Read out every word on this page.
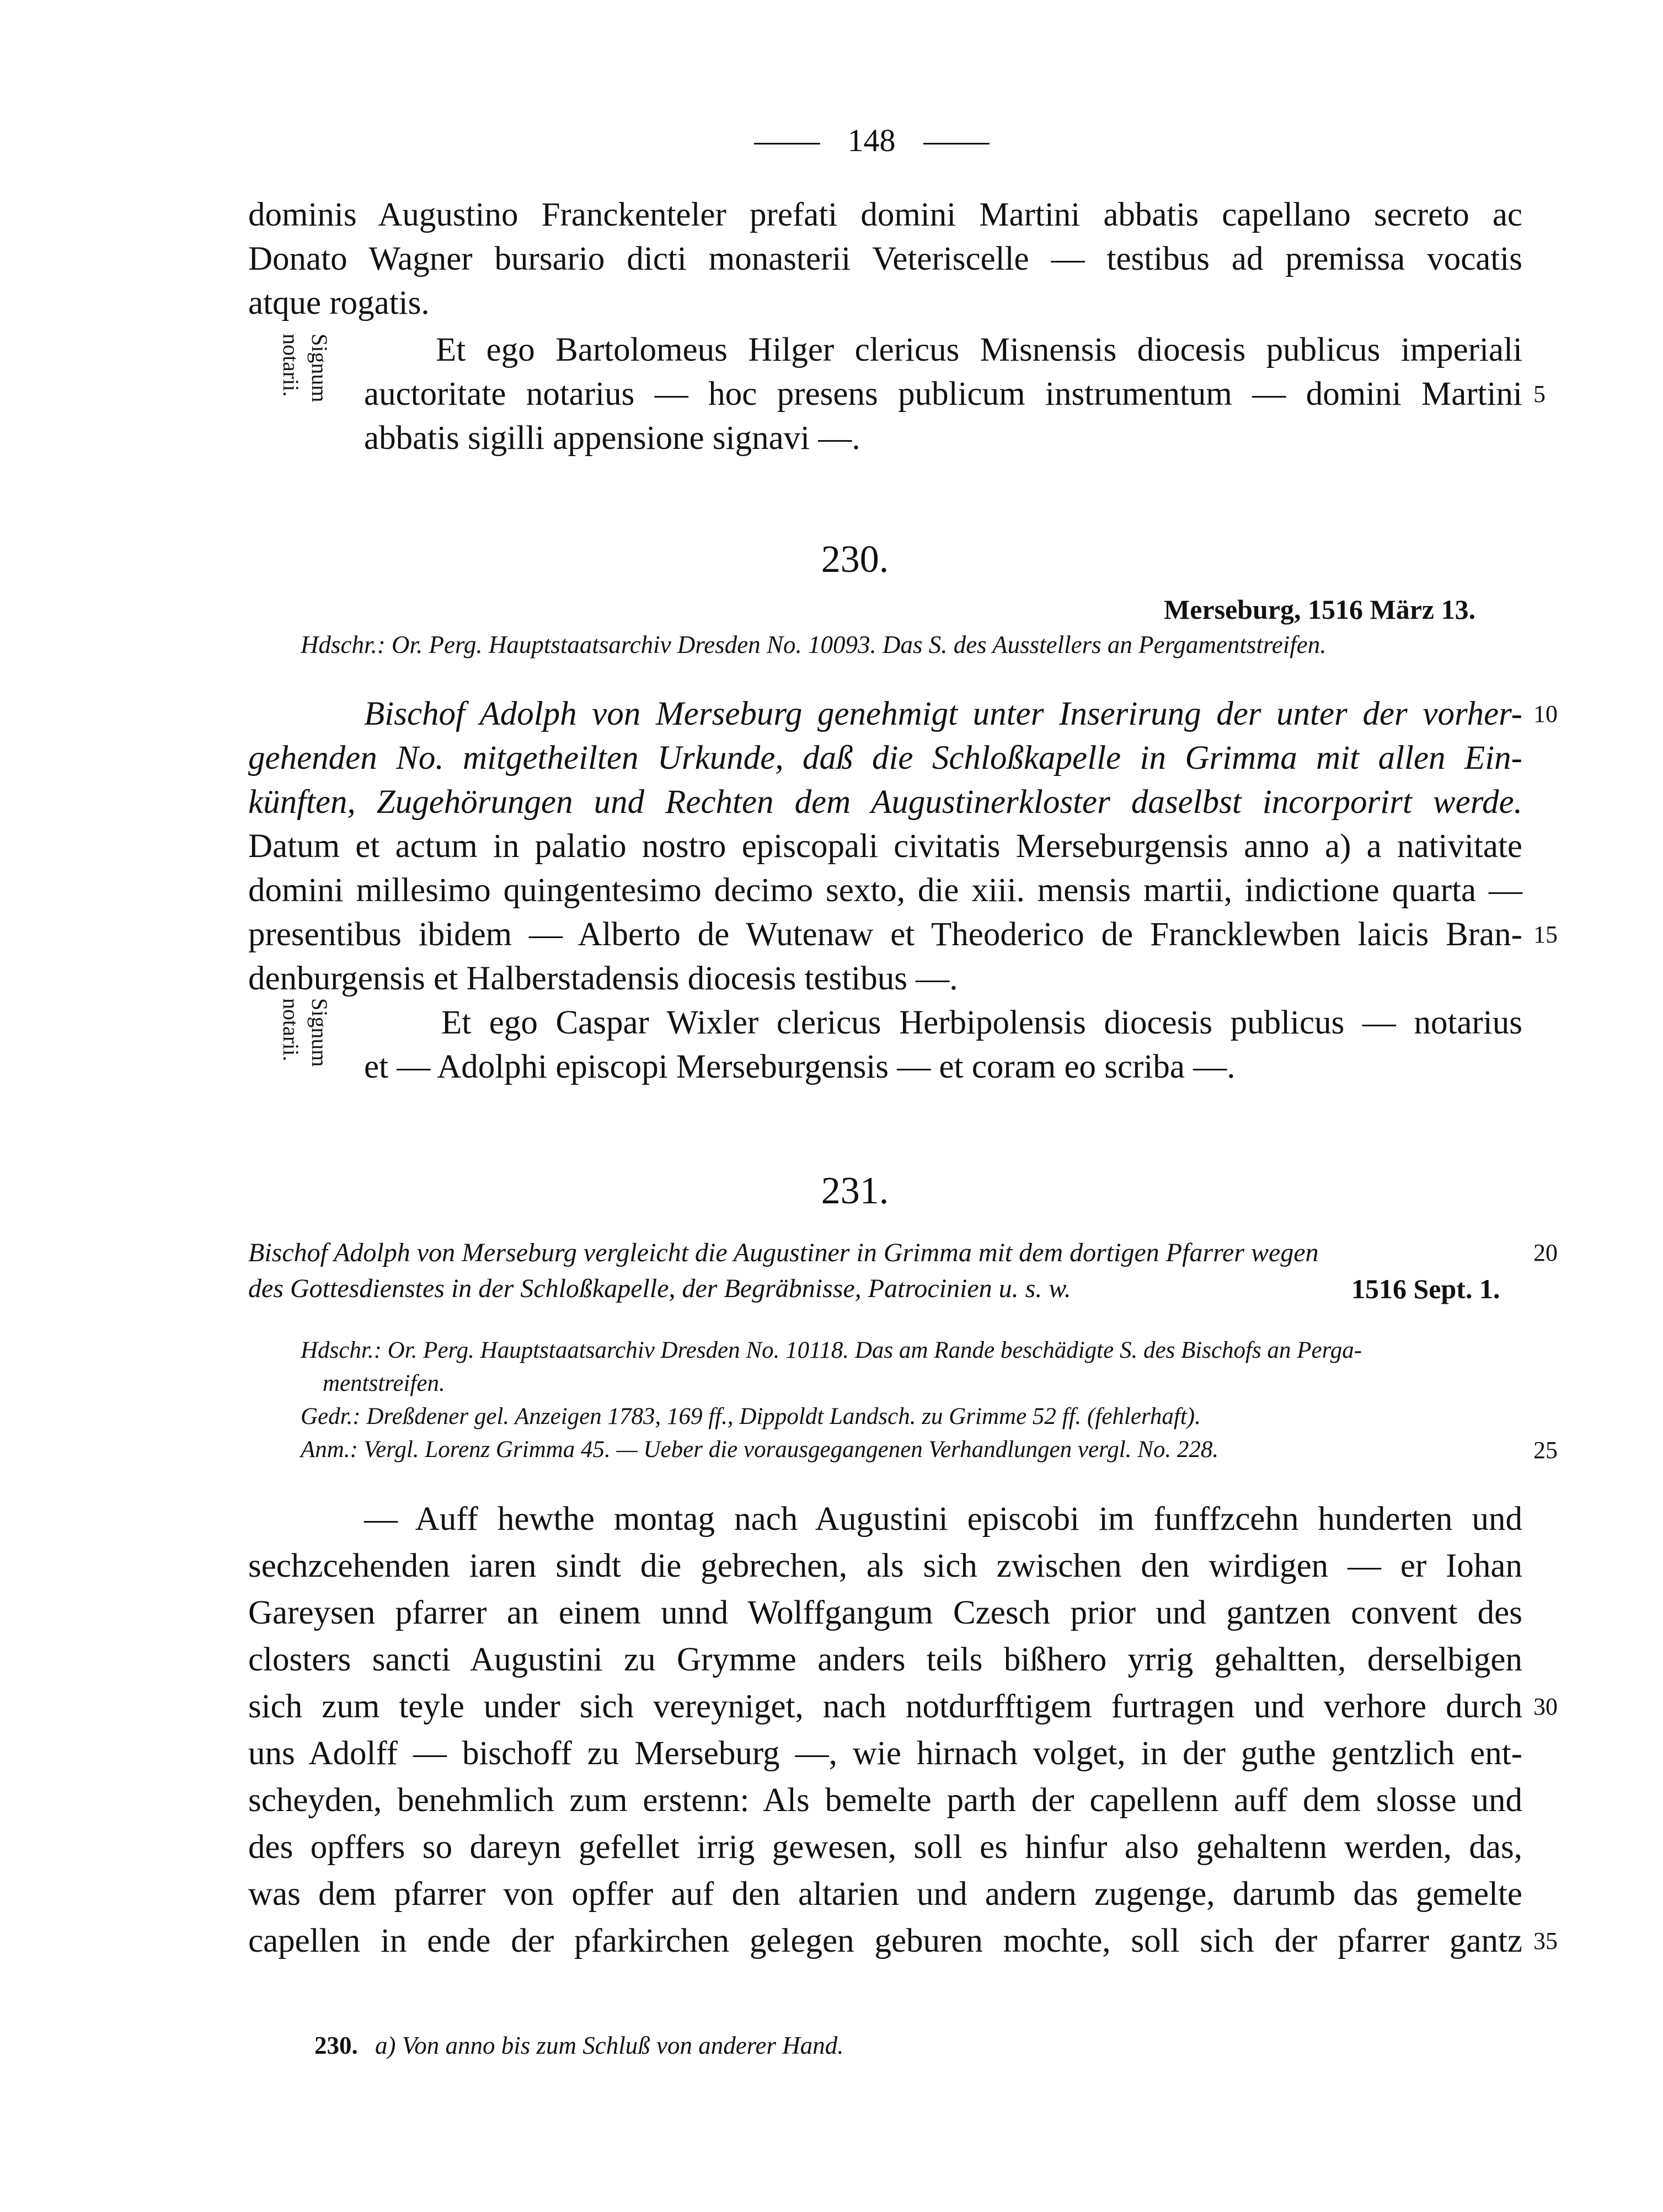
148

dominis Augustino Franckenteler prefati domini Martini abbatis capellano secreto ac

Donato Wagner bursario dicti monasterii Veteriscelle — testibus ad premissa vocatis

atque rogatis.

Signum notarii.	Et ego Bartolomeus Hilger clericus Misnensis diocesis publicus imperiali

auctoritate notarius — hoc presens publicum instrumentum — domini Martini

abbatis sigilli appensione signavi —.

5
230.
Merseburg, 1516 März 13.

Hdschr.: Or. Perg. Hauptstaatsarchiv Dresden No. 10093. Das S. des Ausstellers an Pergamentstreifen.

Bischof Adolph von Merseburg genehmigt unter Inserirung der unter der vorher-

gehenden No. mitgetheilten Urkunde, daß die Schloßkapelle in Grimma mit allen Ein-

künften, Zugehörungen und Rechten dem Augustinerkloster daselbst incorporirt werde.

10

Datum et actum in palatio nostro episcopali civitatis Merseburgensis anno a) a nativitate

domini millesimo quingentesimo decimo sexto, die xiii. mensis martii, indictione quarta —

presentibus ibidem — Alberto de Wutenaw et Theoderico de Francklewben laicis Bran-

denburgensis et Halberstadensis diocesis testibus —.

15
Signum notarii.	Et ego Caspar Wixler clericus Herbipolensis diocesis publicus — notarius

et — Adolphi episcopi Merseburgensis — et coram eo scriba —.

231.

Bischof Adolph von Merseburg vergleicht die Augustiner in Grimma mit dem dortigen Pfarrer wegen

des Gottesdienstes in der Schloßkapelle, der Begräbnisse, Patrocinien u. s. w.	1516 Sept. 1.
20

Hdschr.: Or. Perg. Hauptstaatsarchiv Dresden No. 10118. Das am Rande beschädigte S. des Bischofs an Perga-

mentstreifen.

Gedr.: Dreßdener gel. Anzeigen 1783, 169 ff., Dippoldt Landsch. zu Grimme 52 ff. (fehlerhaft).

Anm.: Vergl. Lorenz Grimma 45. — Ueber die vorausgegangenen Verhandlungen vergl. No. 228.	25

— Auff hewthe montag nach Augustini episcobi im funffzcehn hunderten und

sechzcehenden iaren sindt die gebrechen, als sich zwischen den wirdigen — er Iohan

Gareysen pfarrer an einem unnd Wolffgangum Czesch prior und gantzen convent des

closters sancti Augustini zu Grymme anders teils bißhero yrrig gehaltten, derselbigen

sich zum teyle under sich vereyniget, nach notdurfftigem furtragen und verhore durch

uns Adolff — bischoff zu Merseburg —, wie hirnach volget, in der guthe gentzlich ent-

scheyden, benehmlich zum erstenn: Als bemelte parth der capellenn auff dem slosse und

des opffers so dareyn gefellet irrig gewesen, soll es hinfur also gehaltenn werden, das,

was dem pfarrer von opffer auf den altarien und andern zugenge, darumb das gemelte

capellen in ende der pfarkirchen gelegen geburen mochte, soll sich der pfarrer gantz

30
35
230. a) Von anno bis zum Schluß von anderer Hand.
